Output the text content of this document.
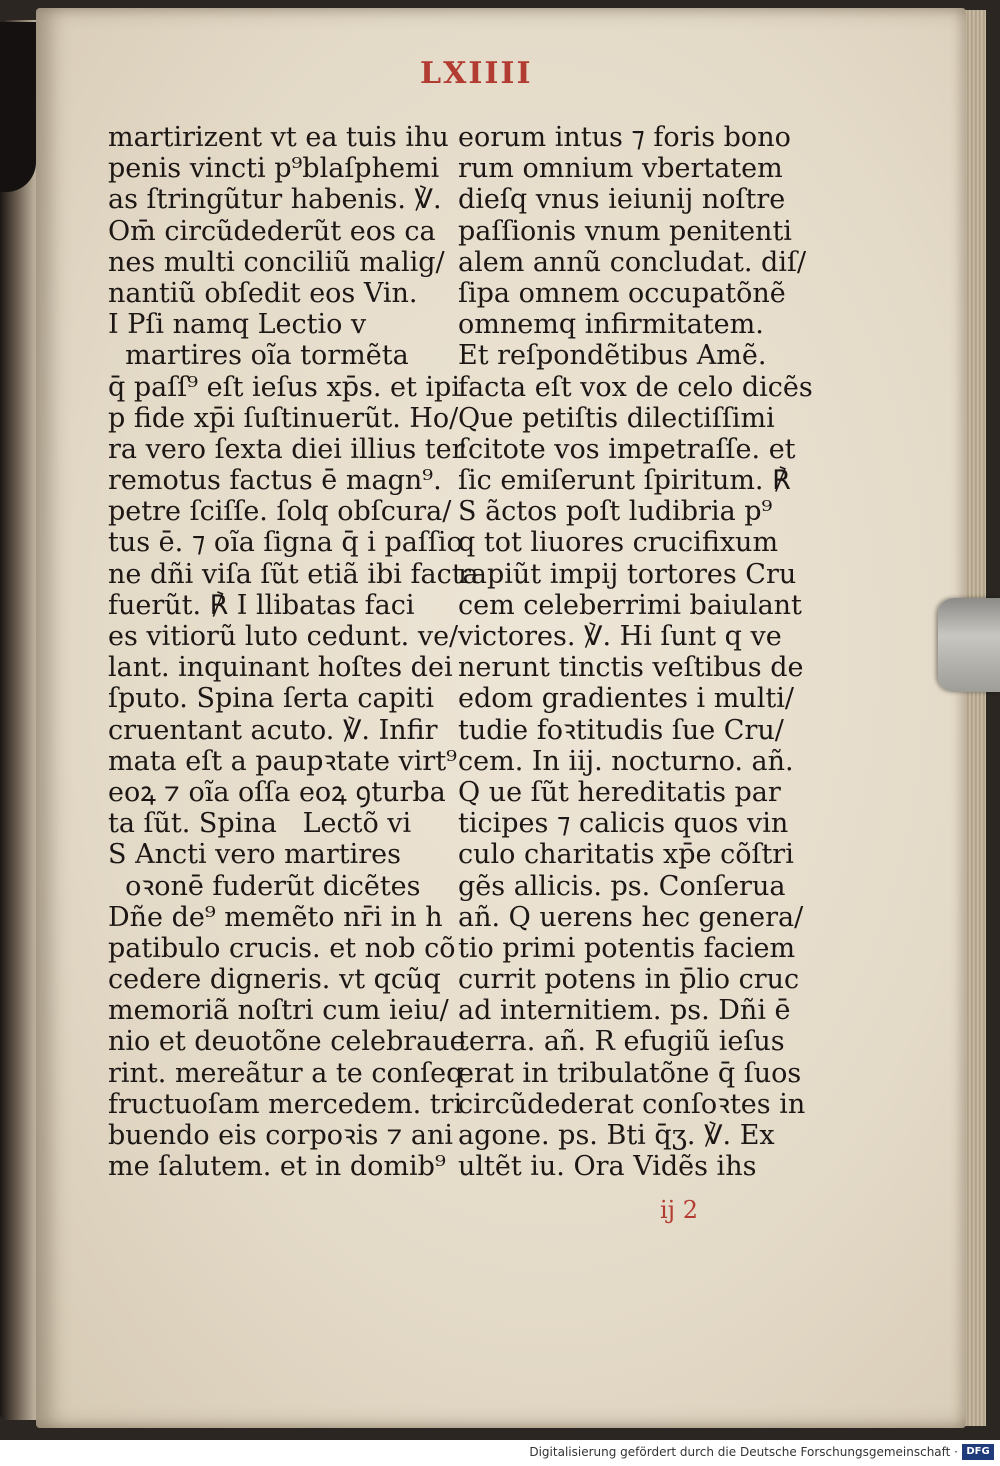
LXIIII
martirizent vt ea tuis ihu
penis vincti p⁹blaſphemi
as ſtringũtur habenis. ℣.
Om̄ circũdederũt eos ca
nes multi conciliũ malig/
nantiũ obſedit eos Vin.
I Pſi namq Lectio v
martires oĩa tormẽta
q̄ paſſ⁹ eſt ieſus xp̄s. et ipi
p fide xp̄i ſuſtinuerũt. Ho/
ra vero ſexta diei illius ter
remotus factus ē magn⁹.
petre ſciſſe. ſolq obſcura/
tus ē. ⁊ oĩa ſigna q̄ i paſſio
ne dñi viſa ſũt etiã ibi facta
fuerũt. ℟ I llibatas faci
es vitiorũ luto cedunt. ve/
lant. inquinant hoſtes dei
ſputo. Spina ſerta capiti
cruentant acuto. ℣. Infir
mata eſt a paupꝛtate virt⁹
eoꝝ ⁊ oĩa oſſa eoꝝ ꝯturba
ta ſũt. Spina   Lectõ vi
S Ancti vero martires
oꝛonē fuderũt dicẽtes
Dñe de⁹ memẽto nr̄i in h
patibulo crucis. et nob cõ
cedere digneris. vt qcũq
memoriã noſtri cum ieiu/
nio et deuotõne celebraue
rint. mereãtur a te conſeq
fructuoſam mercedem. tri
buendo eis corpoꝛis ⁊ ani
me ſalutem. et in domib⁹
eorum intus ⁊ foris bono
rum omnium vbertatem
dieſq vnus ieiunij noſtre
paſſionis vnum penitenti
alem annũ concludat. diſ/
ſipa omnem occupatõnẽ
omnemq infirmitatem.
Et reſpondẽtibus Amẽ.
facta eſt vox de celo dicẽs
Que petiſtis dilectiſſimi
ſcitote vos impetraſſe. et
ſic emiſerunt ſpiritum. ℟
S ãctos poſt ludibria p⁹
q tot liuores crucifixum
rapiũt impij tortores Cru
cem celeberrimi baiulant
victores. ℣. Hi ſunt q ve
nerunt tinctis veſtibus de
edom gradientes i multi/
tudie foꝛtitudis ſue Cru/
cem. In iij. nocturno. añ.
Q ue ſũt hereditatis par
ticipes ⁊ calicis quos vin
culo charitatis xp̄e cõſtri
gẽs allicis. ps. Conſerua
añ. Q uerens hec genera/
tio primi potentis faciem
currit potens in p̄lio cruc
ad internitiem. ps. Dñi ē
terra. añ. R efugiũ ieſus
erat in tribulatõne q̄ ſuos
circũdederat conſoꝛtes in
agone. ps. Bti q̄ʒ. ℣. Ex
ultẽt iu. Ora Vidẽs ihs
ij 2
Digitalisierung gefördert durch die Deutsche Forschungsgemeinschaft · DFG
